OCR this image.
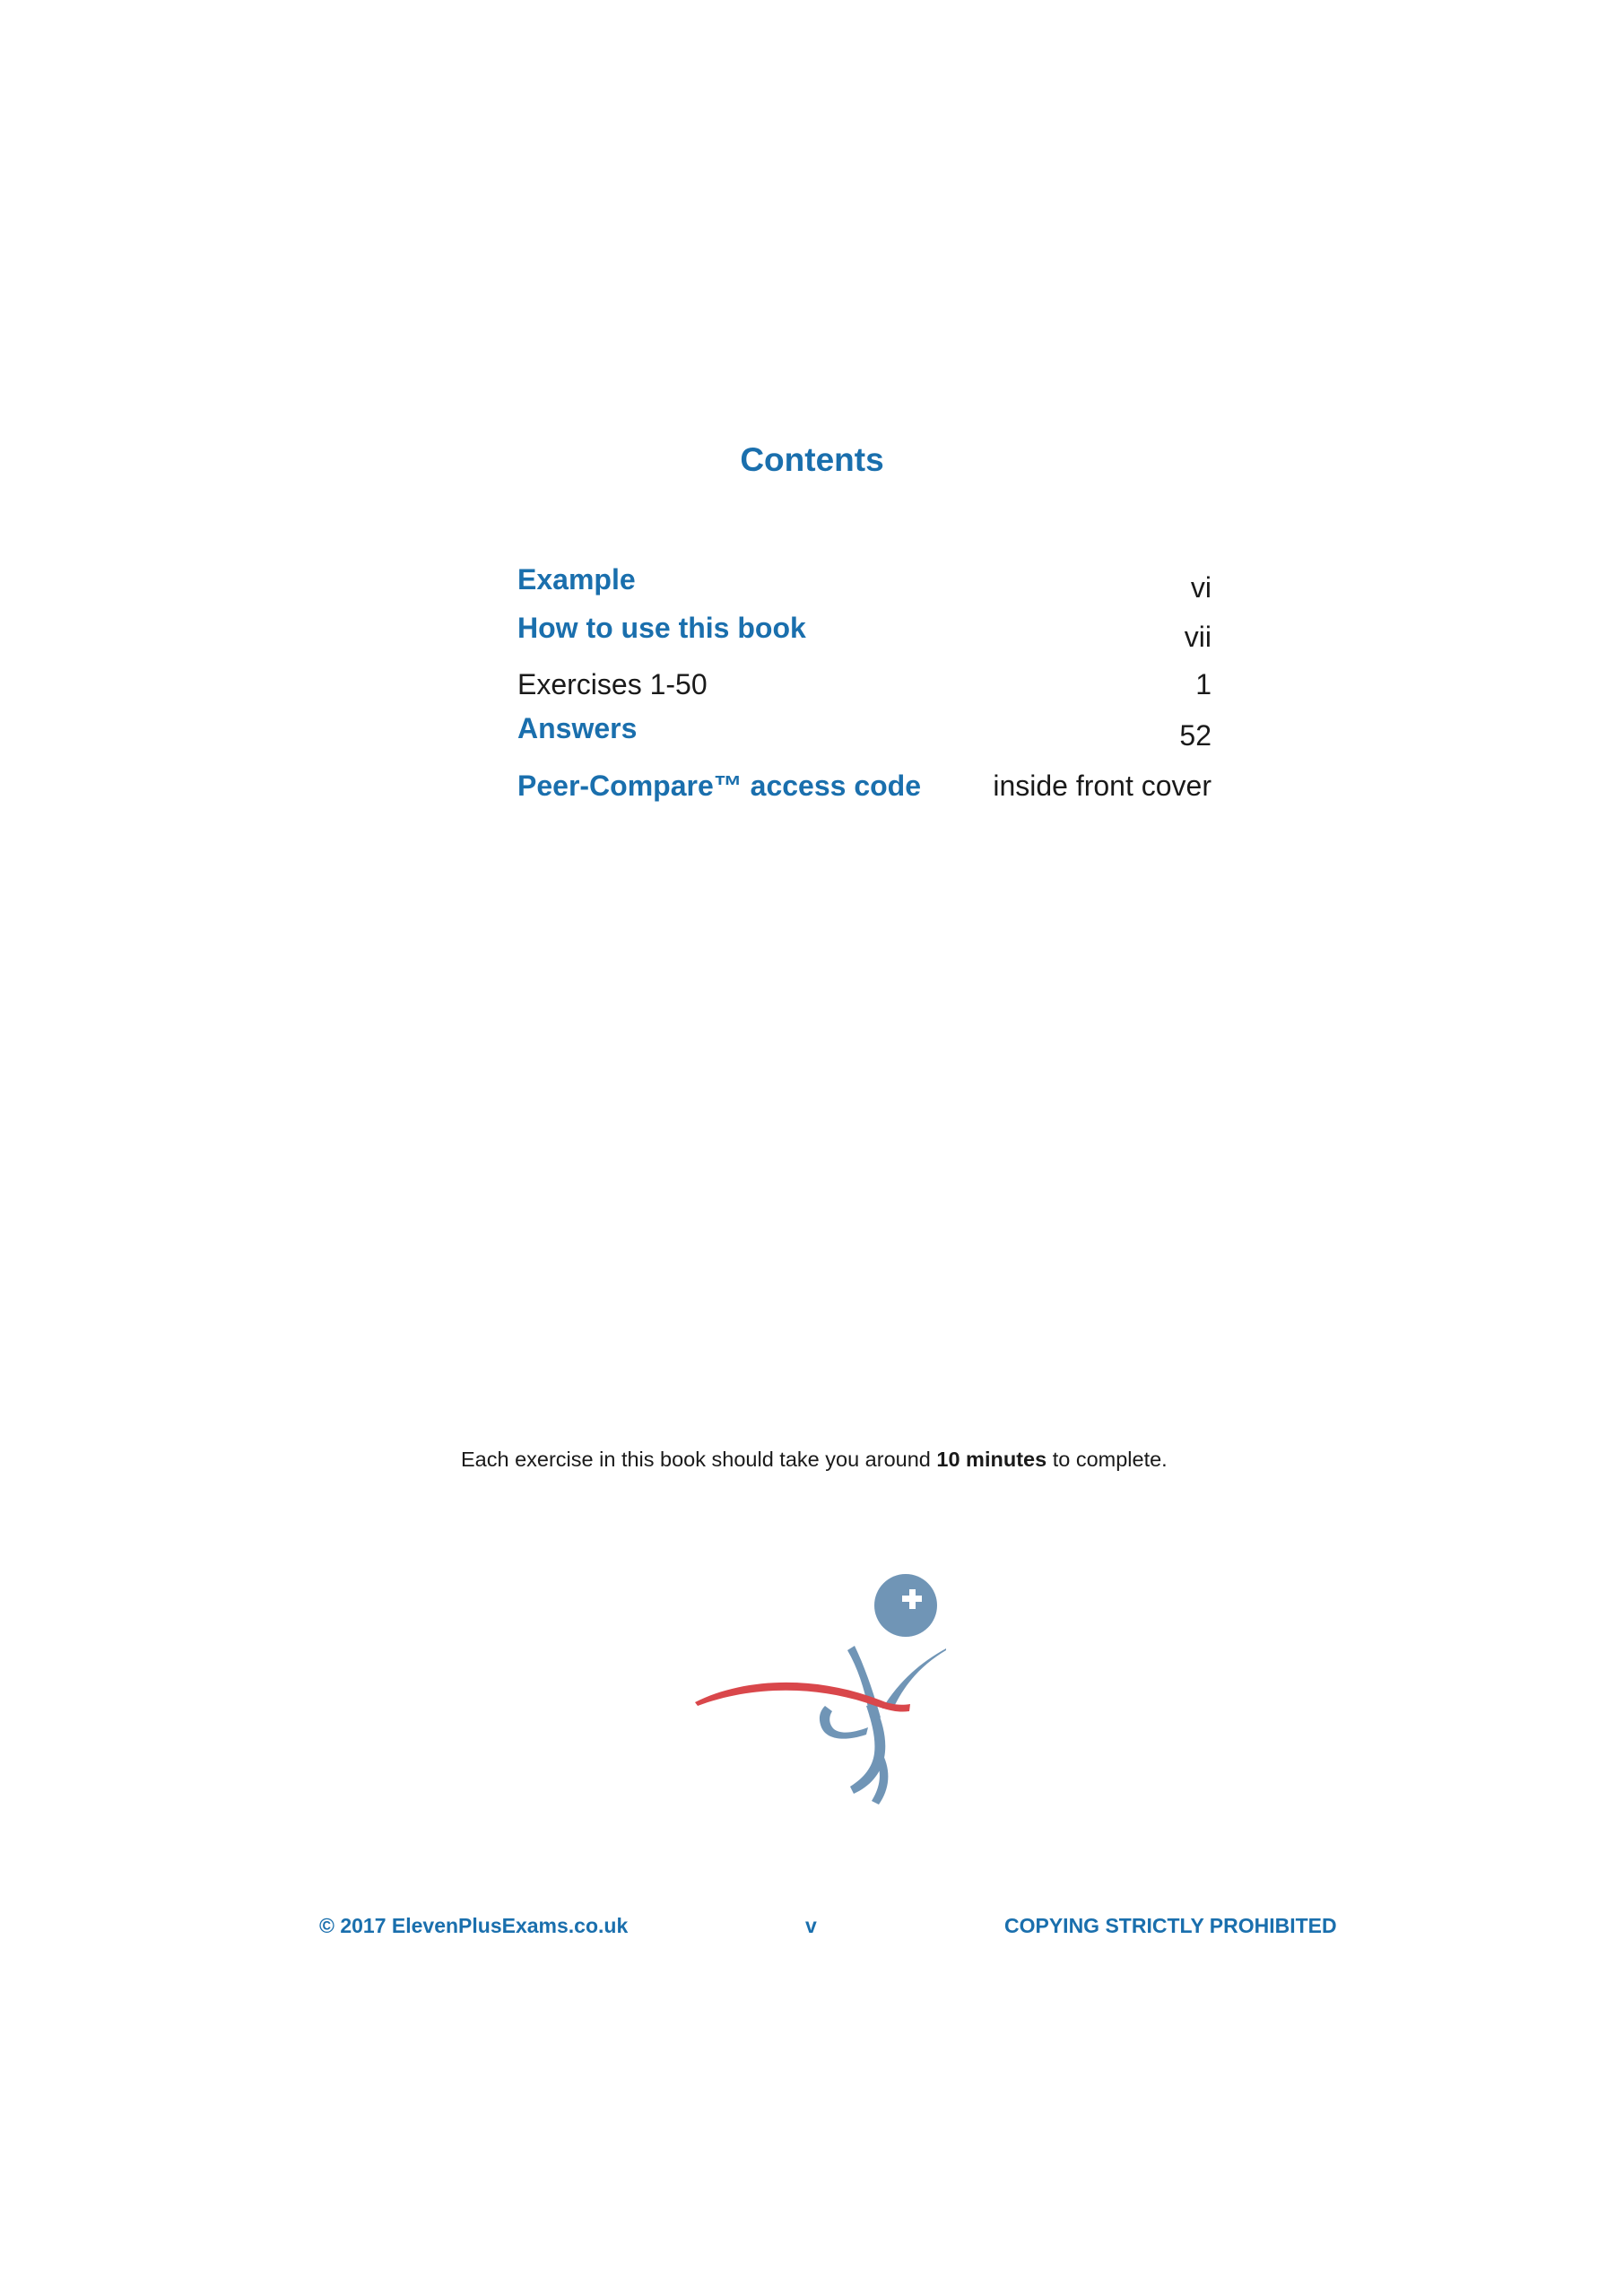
Contents
Example	vi
How to use this book	vii
Exercises 1-50	1
Answers	52
Peer-Compare™ access code	inside front cover
Each exercise in this book should take you around 10 minutes to complete.
© 2017 ElevenPlusExams.co.uk	v	COPYING STRICTLY PROHIBITED
